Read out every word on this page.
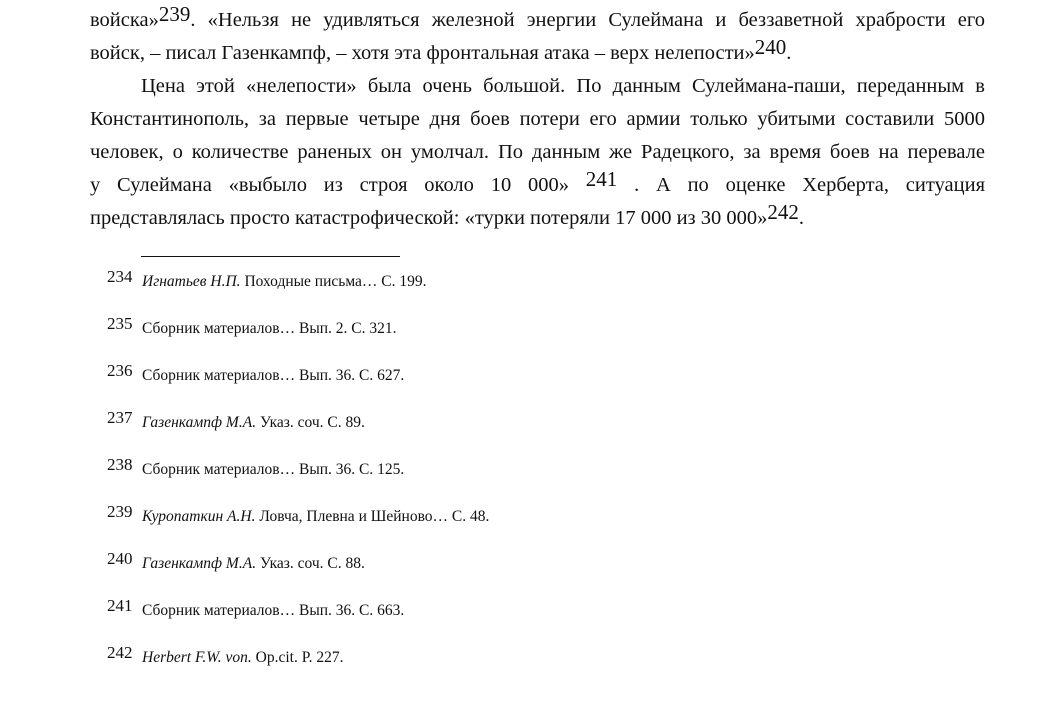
войска»$^{239}$. «Нельзя не удивляться железной энергии Сулеймана и беззаветной храбрости его
войск, – писал Газенкампф, – хотя эта фронтальная атака – верх нелепости»$^{240}$.
Цена этой «нелепости» была очень большой. По данным Сулеймана-паши, переданным в
Константинополь, за первые четыре дня боев потери его армии только убитыми составили 5000
человек, о количестве раненых он умолчал. По данным же Радецкого, за время боев на перевале
у Сулеймана «выбыло из строя около 10 000» $^{241}$ . А по оценке Херберта, ситуация
представлялась просто катастрофической: «турки потеряли 17 000 из 30 000»$^{242}$.
234 Игнатьев Н.П. Походные письма… С. 199.
235 Сборник материалов… Вып. 2. С. 321.
236 Сборник материалов… Вып. 36. С. 627.
237 Газенкампф М.А. Указ. соч. С. 89.
238 Сборник материалов… Вып. 36. С. 125.
239 Куропаткин А.Н. Ловча, Плевна и Шейново… С. 48.
240 Газенкампф М.А. Указ. соч. С. 88.
241 Сборник материалов… Вып. 36. С. 663.
242 Herbert F.W. von. Op.cit. P. 227.
